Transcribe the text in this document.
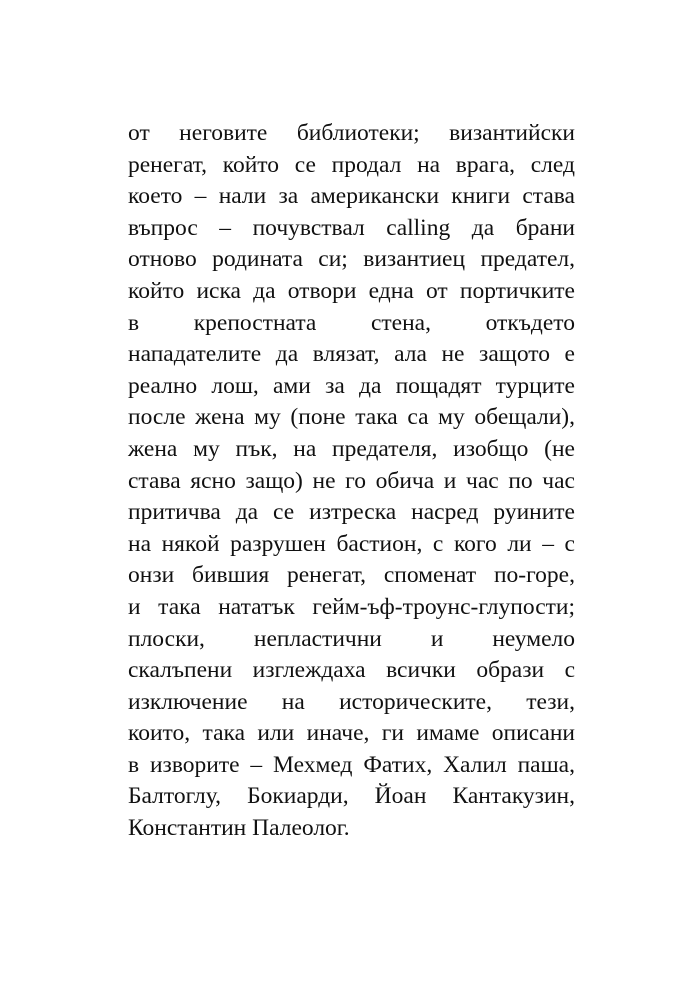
от неговите библиотеки; византийски
ренегат, който се продал на врага, след
което – нали за американски книги става
въпрос – почувствал calling да брани
отново родината си; византиец предател,
който иска да отвори една от портичките
в крепостната стена, откъдето
нападателите да влязат, ала не защото е
реално лош, ами за да пощадят турците
после жена му (поне така са му обещали),
жена му пък, на предателя, изобщо (не
става ясно защо) не го обича и час по час
притичва да се изтреска насред руините
на някой разрушен бастион, с кого ли – с
онзи бившия ренегат, споменат по-горе,
и така нататък гейм-ъф-троунс-глупости;
плоски, непластични и неумело
скалъпени изглеждаха всички образи с
изключение на историческите, тези,
които, така или иначе, ги имаме описани
в изворите – Мехмед Фатих, Халил паша,
Балтоглу, Бокиарди, Йоан Кантакузин,
Константин Палеолог.
